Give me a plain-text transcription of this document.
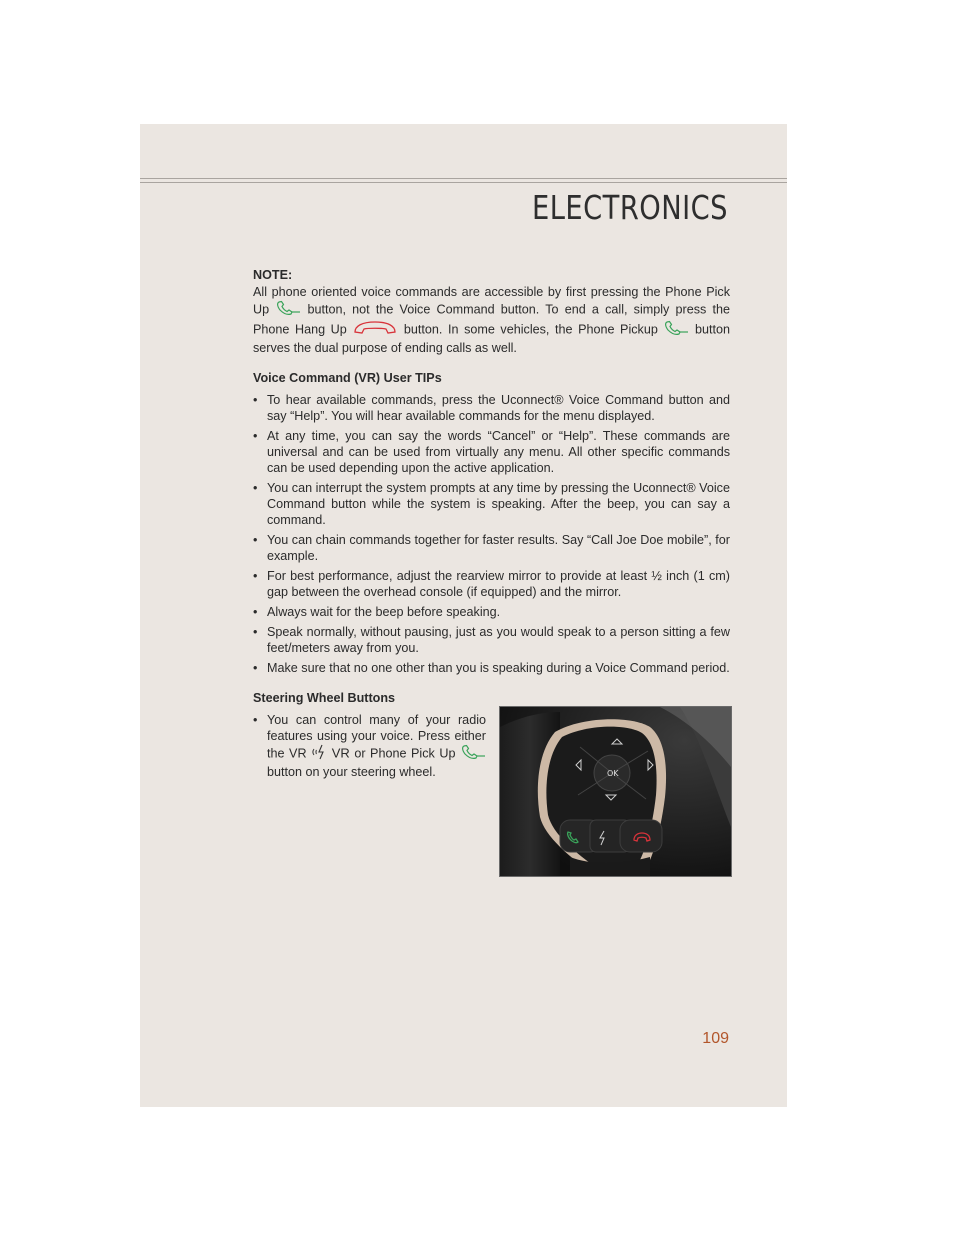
ELECTRONICS

NOTE:

All phone oriented voice commands are accessible by first pressing the Phone Pick Up	button, not the Voice Command button. To end a call, simply press the Phone Hang Up	button. In some vehicles, the Phone Pickup	button serves the dual purpose of ending calls as well.

Voice Command (VR) User TIPs

• To hear available commands, press the Uconnect® Voice Command button and say “Help”. You will hear available commands for the menu displayed.
• At any time, you can say the words “Cancel” or “Help”. These commands are universal and can be used from virtually any menu. All other specific commands can be used depending upon the active application.
• You can interrupt the system prompts at any time by pressing the Uconnect® Voice Command button while the system is speaking. After the beep, you can say a command.
• You can chain commands together for faster results. Say “Call Joe Doe mobile”, for example.
• For best performance, adjust the rearview mirror to provide at least ½ inch (1 cm) gap between the overhead console (if equipped) and the mirror.
• Always wait for the beep before speaking.
• Speak normally, without pausing, just as you would speak to a person sitting a few feet/meters away from you.
• Make sure that no one other than you is speaking during a Voice Command period.

Steering Wheel Buttons

• You can control many of your radio features using your voice. Press either the VR VR or Phone Pick Up  button on your steering wheel.	OK
109
